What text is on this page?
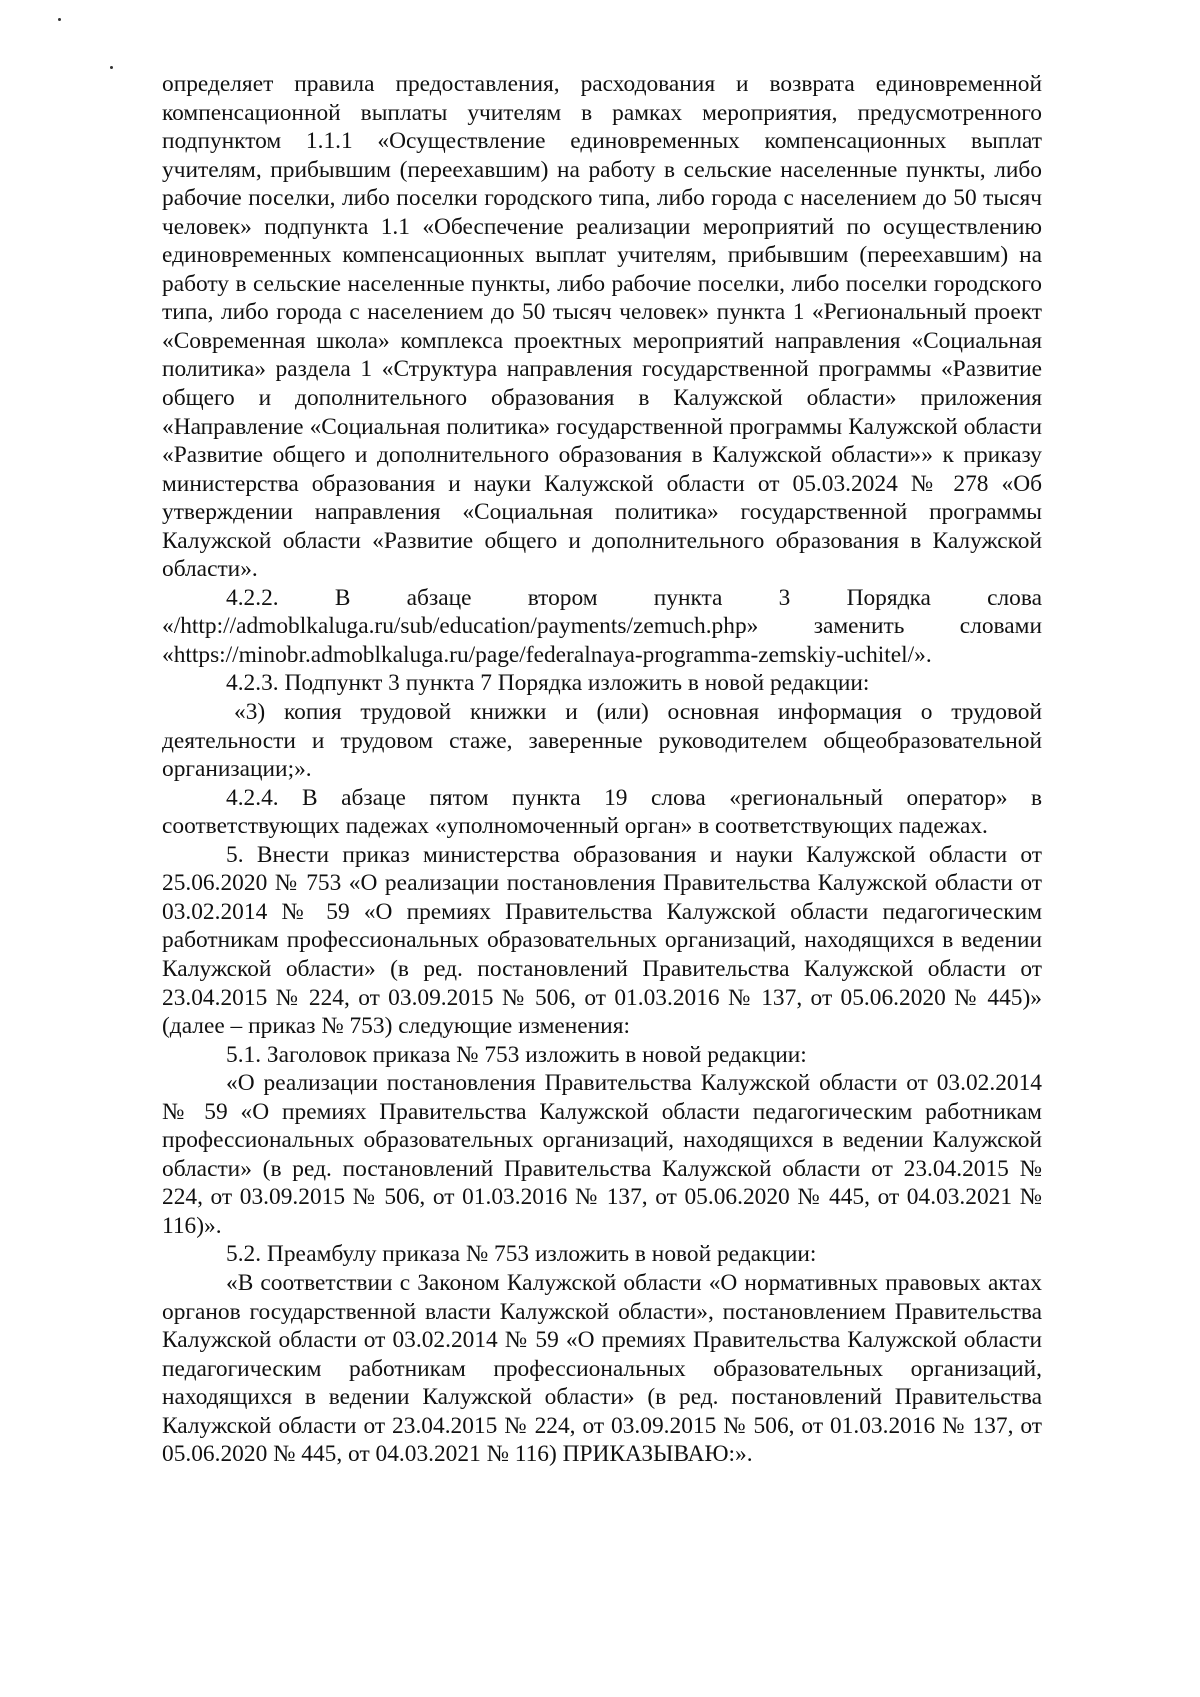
определяет правила предоставления, расходования и возврата единовременной компенсационной выплаты учителям в рамках мероприятия, предусмотренного подпунктом 1.1.1 «Осуществление единовременных компенсационных выплат учителям, прибывшим (переехавшим) на работу в сельские населенные пункты, либо рабочие поселки, либо поселки городского типа, либо города с населением до 50 тысяч человек» подпункта 1.1 «Обеспечение реализации мероприятий по осуществлению единовременных компенсационных выплат учителям, прибывшим (переехавшим) на работу в сельские населенные пункты, либо рабочие поселки, либо поселки городского типа, либо города с населением до 50 тысяч человек» пункта 1 «Региональный проект «Современная школа» комплекса проектных мероприятий направления «Социальная политика» раздела 1 «Структура направления государственной программы «Развитие общего и дополнительного образования в Калужской области» приложения «Направление «Социальная политика» государственной программы Калужской области «Развитие общего и дополнительного образования в Калужской области»» к приказу министерства образования и науки Калужской области от 05.03.2024 № 278 «Об утверждении направления «Социальная политика» государственной программы Калужской области «Развитие общего и дополнительного образования в Калужской области».

4.2.2. В абзаце втором пункта 3 Порядка слова «/http://admoblkaluga.ru/sub/education/payments/zemuch.php» заменить словами «https://minobr.admoblkaluga.ru/page/federalnaya-programma-zemskiy-uchitel/».

4.2.3. Подпункт 3 пункта 7 Порядка изложить в новой редакции:

«3) копия трудовой книжки и (или) основная информация о трудовой деятельности и трудовом стаже, заверенные руководителем общеобразовательной организации;».

4.2.4. В абзаце пятом пункта 19 слова «региональный оператор» в соответствующих падежах «уполномоченный орган» в соответствующих падежах.

5. Внести приказ министерства образования и науки Калужской области от 25.06.2020 № 753 «О реализации постановления Правительства Калужской области от 03.02.2014 № 59 «О премиях Правительства Калужской области педагогическим работникам профессиональных образовательных организаций, находящихся в ведении Калужской области» (в ред. постановлений Правительства Калужской области от 23.04.2015 № 224, от 03.09.2015 № 506, от 01.03.2016 № 137, от 05.06.2020 № 445)» (далее – приказ № 753) следующие изменения:

5.1. Заголовок приказа № 753 изложить в новой редакции:

«О реализации постановления Правительства Калужской области от 03.02.2014 № 59 «О премиях Правительства Калужской области педагогическим работникам профессиональных образовательных организаций, находящихся в ведении Калужской области» (в ред. постановлений Правительства Калужской области от 23.04.2015 № 224, от 03.09.2015 № 506, от 01.03.2016 № 137, от 05.06.2020 № 445, от 04.03.2021 № 116)».

5.2. Преамбулу приказа № 753 изложить в новой редакции:

«В соответствии с Законом Калужской области «О нормативных правовых актах органов государственной власти Калужской области», постановлением Правительства Калужской области от 03.02.2014 № 59 «О премиях Правительства Калужской области педагогическим работникам профессиональных образовательных организаций, находящихся в ведении Калужской области» (в ред. постановлений Правительства Калужской области от 23.04.2015 № 224, от 03.09.2015 № 506, от 01.03.2016 № 137, от 05.06.2020 № 445, от 04.03.2021 № 116) ПРИКАЗЫВАЮ:».
